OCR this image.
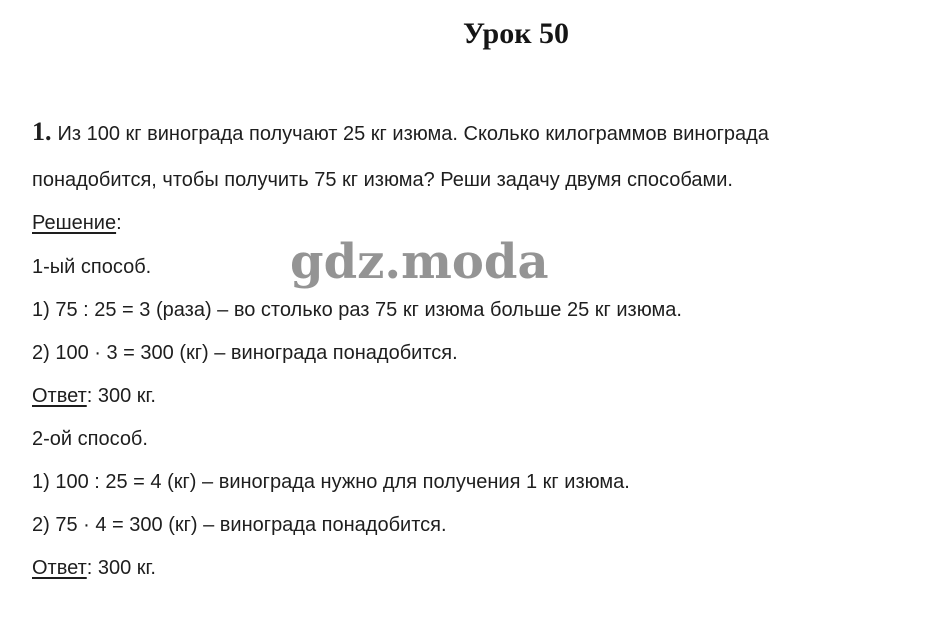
Урок 50
1. Из 100 кг винограда получают 25 кг изюма. Сколько килограммов винограда
понадобится, чтобы получить 75 кг изюма? Реши задачу двумя способами.
Решение:
1-ый способ.
1) 75 : 25 = 3 (раза) – во столько раз 75 кг изюма больше 25 кг изюма.
2) 100 · 3 = 300 (кг) – винограда понадобится.
Ответ: 300 кг.
2-ой способ.
1) 100 : 25 = 4 (кг) – винограда нужно для получения 1 кг изюма.
2) 75 · 4 = 300 (кг) – винограда понадобится.
Ответ: 300 кг.
gdz.moda
